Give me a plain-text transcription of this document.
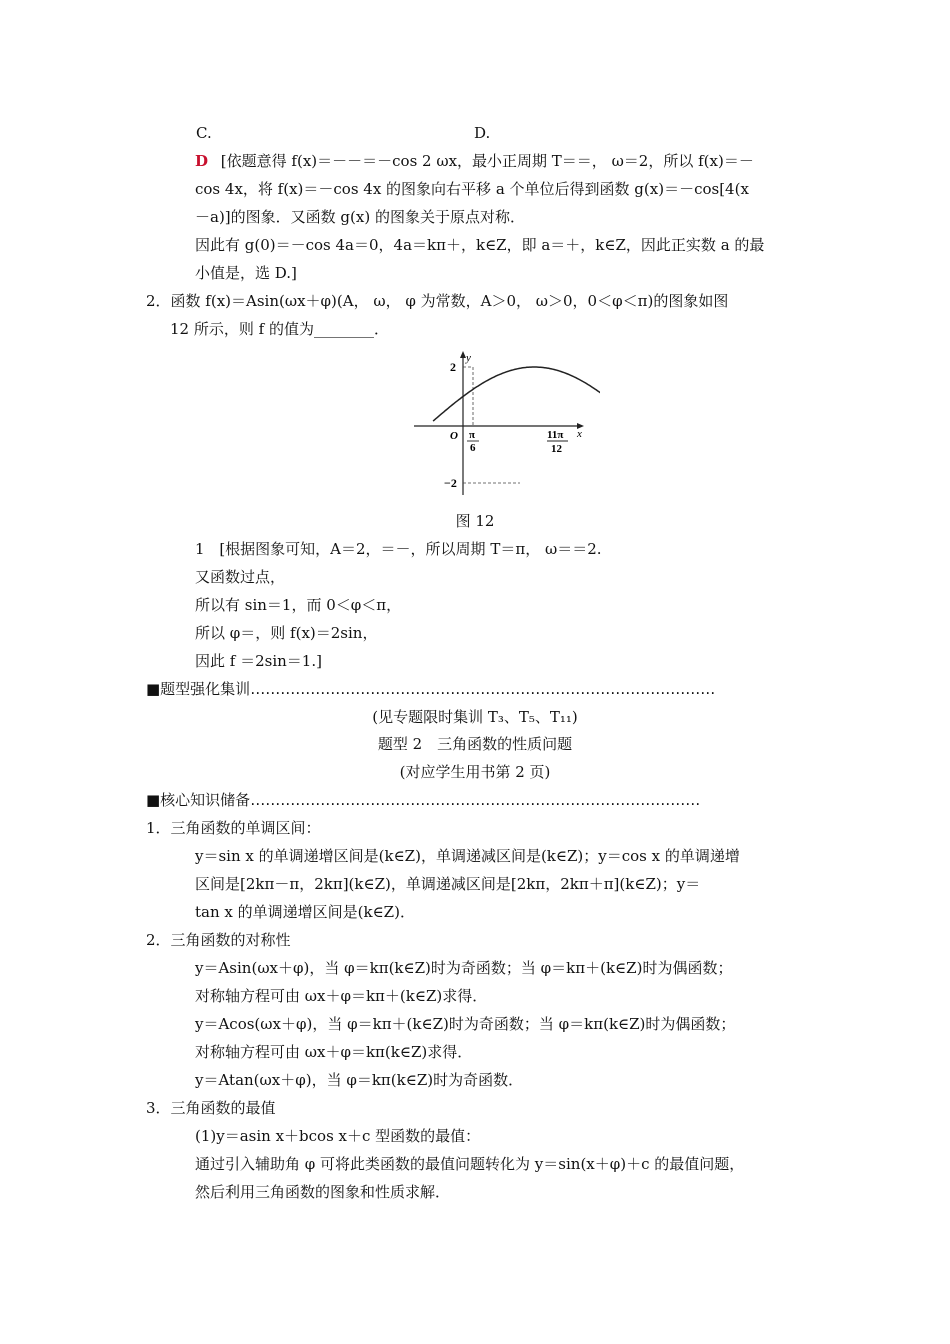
C.	D.
D [依题意得 f(x)＝－－＝－cos 2 ωx，最小正周期 T＝＝， ω＝2，所以 f(x)＝－
cos 4x，将 f(x)＝－cos 4x 的图象向右平移 a 个单位后得到函数 g(x)＝－cos[4(x
－a)]的图象．又函数 g(x) 的图象关于原点对称．
因此有 g(0)＝－cos 4a＝0，4a＝kπ＋，k∈Z，即 a＝＋，k∈Z，因此正实数 a 的最
小值是，选 D.]
2．函数 f(x)＝Asin(ωx＋φ)(A， ω， φ 为常数，A＞0， ω＞0，0＜φ＜π)的图象如图
12 所示，则 f 的值为________．
y
x
2
O
−2
π
6
11π
12
图 12
1 [根据图象可知，A＝2，＝－，所以周期 T＝π， ω＝＝2.
又函数过点，
所以有 sin＝1，而 0＜φ＜π，
所以 φ＝，则 f(x)＝2sin，
因此 f ＝2sin＝1.]
■题型强化集训…………………………………………………………………………………
(见专题限时集训 T₃、T₅、T₁₁)
题型 2　三角函数的性质问题
(对应学生用书第 2 页)
■核心知识储备………………………………………………………………………………
1．三角函数的单调区间：
y＝sin x 的单调递增区间是(k∈Z)，单调递减区间是(k∈Z)；y＝cos x 的单调递增
区间是[2kπ－π，2kπ](k∈Z)，单调递减区间是[2kπ，2kπ＋π](k∈Z)；y＝
tan x 的单调递增区间是(k∈Z)．
2．三角函数的对称性
y＝Asin(ωx＋φ)，当 φ＝kπ(k∈Z)时为奇函数；当 φ＝kπ＋(k∈Z)时为偶函数；
对称轴方程可由 ωx＋φ＝kπ＋(k∈Z)求得．
y＝Acos(ωx＋φ)，当 φ＝kπ＋(k∈Z)时为奇函数；当 φ＝kπ(k∈Z)时为偶函数；
对称轴方程可由 ωx＋φ＝kπ(k∈Z)求得．
y＝Atan(ωx＋φ)，当 φ＝kπ(k∈Z)时为奇函数．
3．三角函数的最值
(1)y＝asin x＋bcos x＋c 型函数的最值：
通过引入辅助角 φ 可将此类函数的最值问题转化为 y＝sin(x＋φ)＋c 的最值问题，
然后利用三角函数的图象和性质求解．
